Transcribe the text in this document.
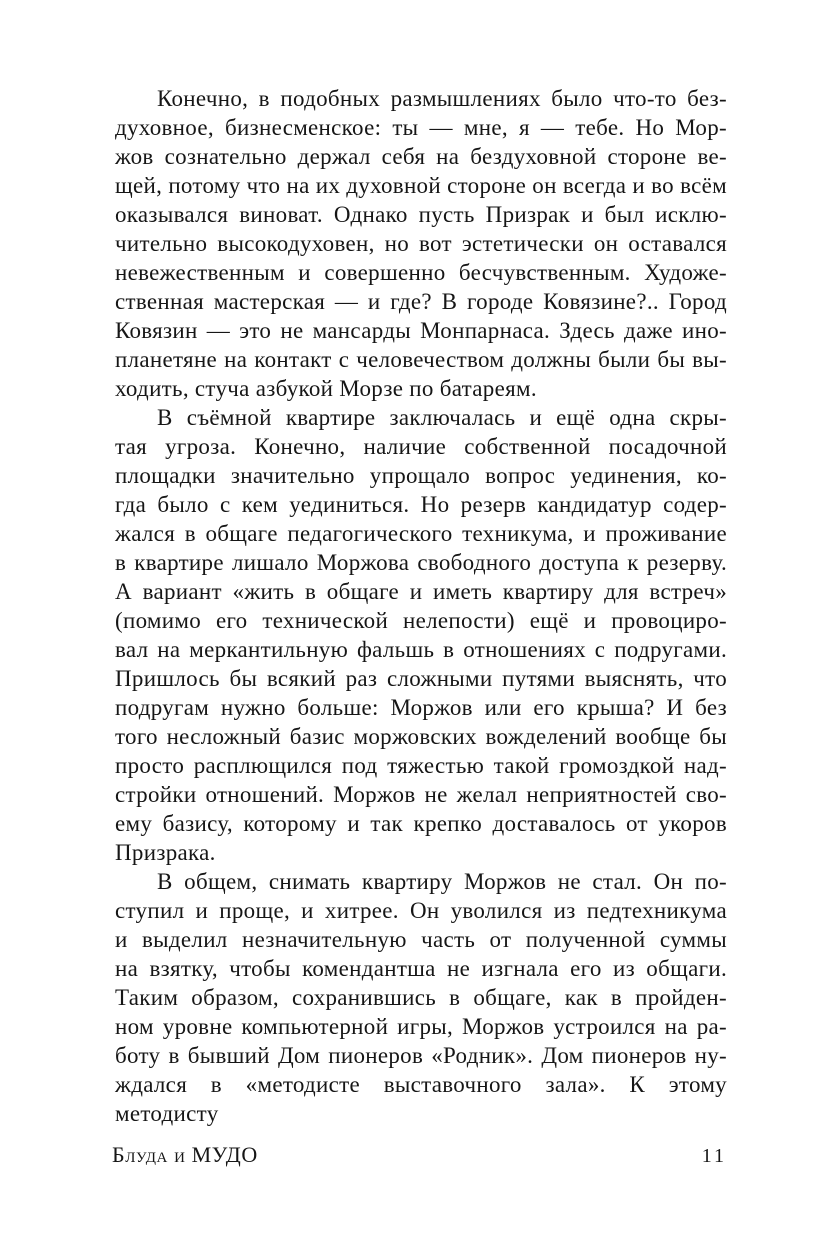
Конечно, в подобных размышлениях было что-то без-
духовное, бизнесменское: ты — мне, я — тебе. Но Мор-
жов сознательно держал себя на бездуховной стороне ве-
щей, потому что на их духовной стороне он всегда и во всём
оказывался виноват. Однако пусть Призрак и был исклю-
чительно высокодуховен, но вот эстетически он оставался
невежественным и совершенно бесчувственным. Художе-
ственная мастерская — и где? В городе Ковязине?.. Город
Ковязин — это не мансарды Монпарнаса. Здесь даже ино-
планетяне на контакт с человечеством должны были бы вы-
ходить, стуча азбукой Морзе по батареям.
В съёмной квартире заключалась и ещё одна скры-
тая угроза. Конечно, наличие собственной посадочной
площадки значительно упрощало вопрос уединения, ко-
гда было с кем уединиться. Но резерв кандидатур содер-
жался в общаге педагогического техникума, и проживание
в квартире лишало Моржова свободного доступа к резерву.
А вариант «жить в общаге и иметь квартиру для встреч»
(помимо его технической нелепости) ещё и провоциро-
вал на меркантильную фальшь в отношениях с подругами.
Пришлось бы всякий раз сложными путями выяснять, что
подругам нужно больше: Моржов или его крыша? И без
того несложный базис моржовских вожделений вообще бы
просто расплющился под тяжестью такой громоздкой над-
стройки отношений. Моржов не желал неприятностей сво-
ему базису, которому и так крепко доставалось от укоров
Призрака.
В общем, снимать квартиру Моржов не стал. Он по-
ступил и проще, и хитрее. Он уволился из педтехникума
и выделил незначительную часть от полученной суммы
на взятку, чтобы комендантша не изгнала его из общаги.
Таким образом, сохранившись в общаге, как в пройден-
ном уровне компьютерной игры, Моржов устроился на ра-
боту в бывший Дом пионеров «Родник». Дом пионеров ну-
ждался в «методисте выставочного зала». К этому методисту
Блуда и МУДО	11
